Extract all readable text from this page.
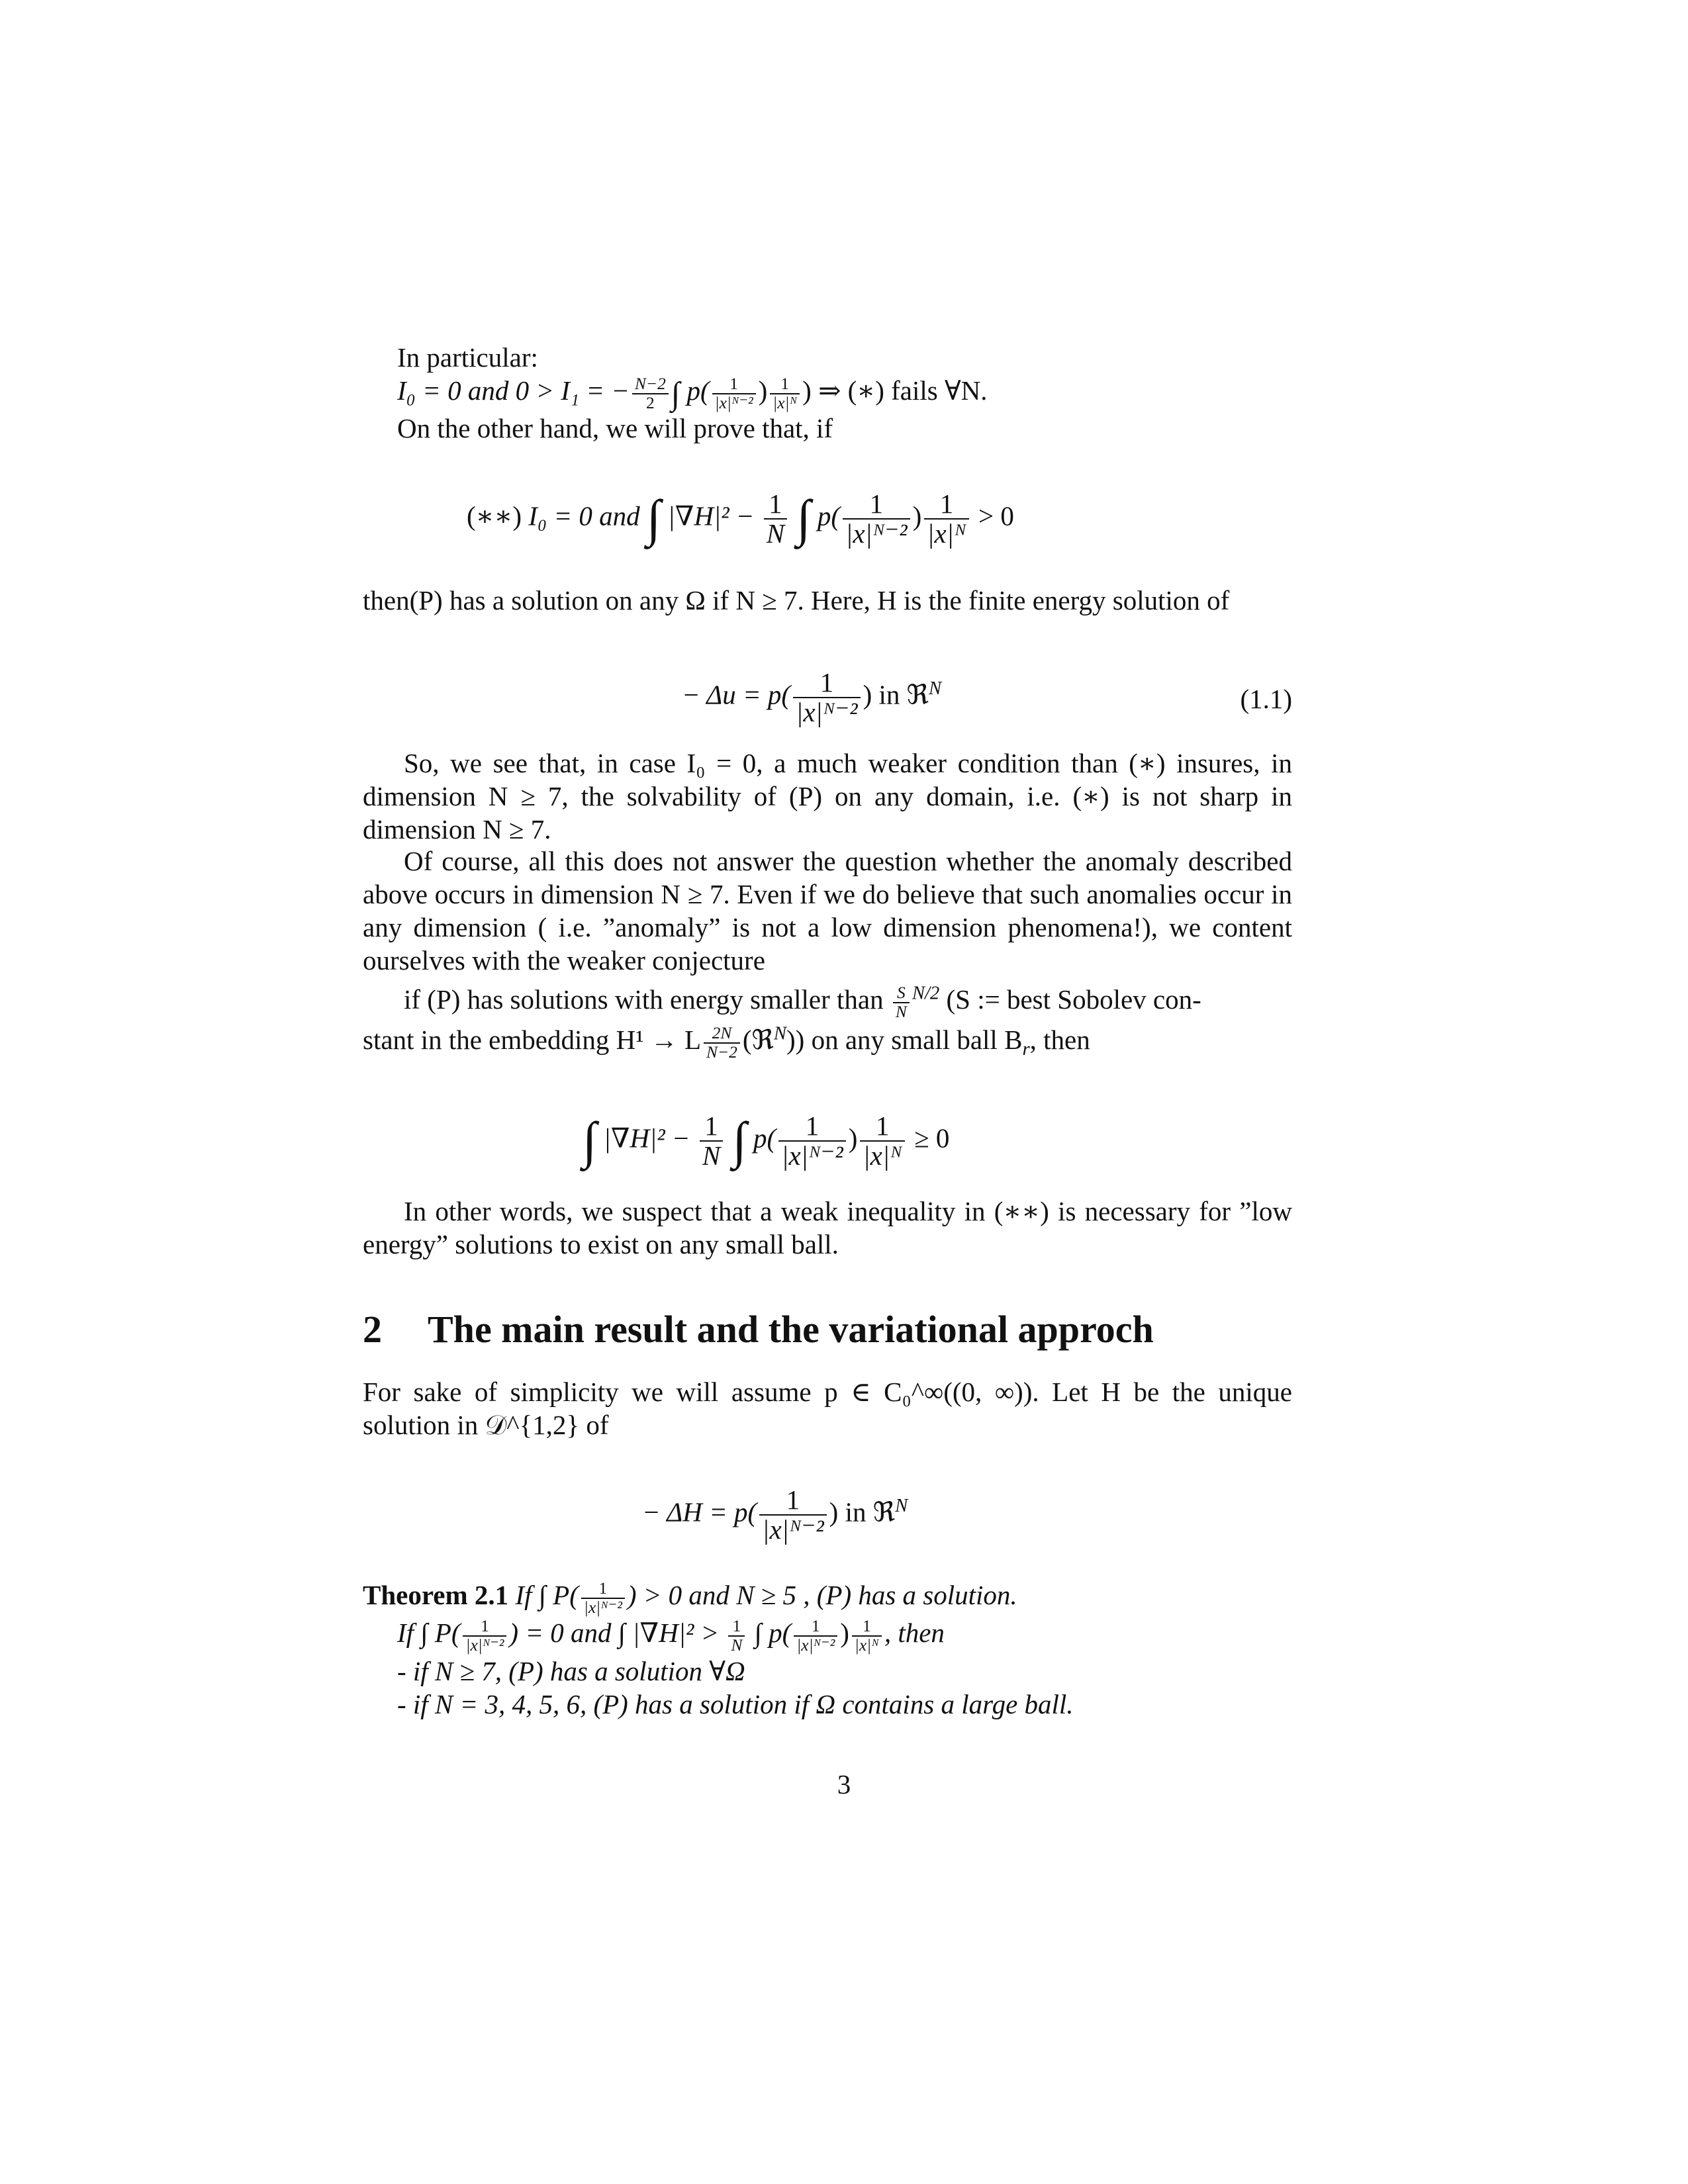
In particular:
I₀ = 0 and 0 > I₁ = − $\frac{N-2}{2}$ ∫ $p( \frac{1}{\text{|x|ᴺ⁻²}}$ ) $\frac{1}{\text{|x|ᴺ}}$ ) ⇒ (∗) fails ∀N.
On the other hand, we will prove that, if
(∗∗) I₀ = 0 and ∫ $|\nabla H|^2 - \frac{1}{N}$ ∫ $p( \frac{1}{\text{|x|ᴺ⁻²}}$ ) $\frac{1}{\text{|x|ᴺ}} > 0$
then(P) has a solution on any Ω if N ≥ 7. Here, H is the finite energy solution of
− $\Delta u = p( \frac{1}{\text{|x|ᴺ⁻²}}$ ) in ℜ$^N$	(1.1)
So, we see that, in case I₀ = 0, a much weaker condition than (∗) insures, in dimension N ≥ 7, the solvability of (P) on any domain, i.e. (∗) is not sharp in dimension N ≥ 7.
Of course, all this does not answer the question whether the anomaly described above occurs in dimension N ≥ 7. Even if we do believe that such anomalies occur in any dimension ( i.e. ”anomaly” is not a low dimension phenomena!), we content ourselves with the weaker conjecture
if (P) has solutions with energy smaller than $\frac{S}{N} ^{N/2}$ (S := best Sobolev con-
stant in the embedding H¹ → L $\frac{2N}{N-2}$ (ℜ$^N$)) on any small ball $B_r$, then
∫ $|\nabla H|^2 - \frac{1}{N}$ ∫ $p( \frac{1}{\text{|x|ᴺ⁻²}}$ ) $\frac{1}{\text{|x|ᴺ}} \ge 0$
In other words, we suspect that a weak inequality in (∗∗) is necessary for ”low energy” solutions to exist on any small ball.
2 The main result and the variational approch
For sake of simplicity we will assume p ∈ C₀^∞((0, ∞)). Let H be the unique solution in 𝒟^{1,2} of
− $\Delta H = p( \frac{1}{\text{|x|ᴺ⁻²}}$ ) in ℜ$^N$
Theorem 2.1 If ∫ $P( \frac{1}{\text{|x|ᴺ⁻²}}$ ) > 0 and N ≥ 5 , (P) has a solution.
If ∫ $P( \frac{1}{\text{|x|ᴺ⁻²}}$ ) = 0 and ∫ $|\nabla H|^2 > \frac{1}{N}$ ∫ $p( \frac{1}{\text{|x|ᴺ⁻²}}$ ) $\frac{1}{\text{|x|ᴺ}}$ , then
- if N ≥ 7, (P) has a solution ∀Ω
- if N = 3, 4, 5, 6, (P) has a solution if Ω contains a large ball.
3
